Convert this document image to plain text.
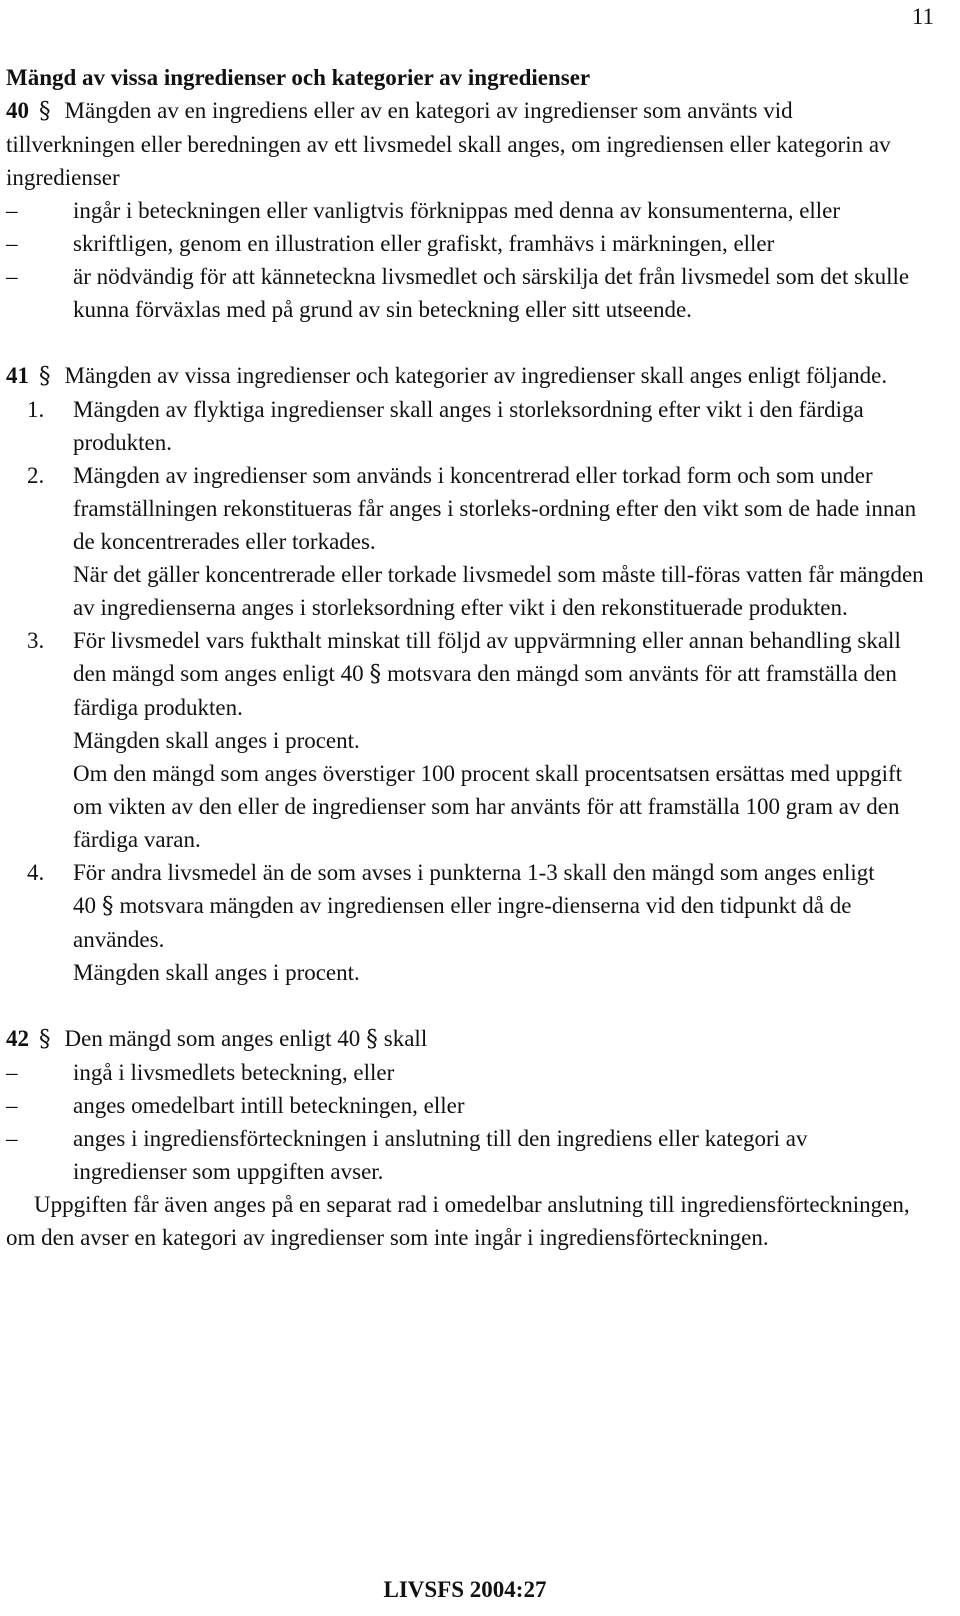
11
Mängd av vissa ingredienser och kategorier av ingredienser

40 § Mängden av en ingrediens eller av en kategori av ingredienser som använts vid tillverkningen eller beredningen av ett livsmedel skall anges, om ingrediensen eller kategorin av ingredienser

–	ingår i beteckningen eller vanligtvis förknippas med denna av konsumenterna, eller

–	skriftligen, genom en illustration eller grafiskt, framhävs i märkningen, eller

–	är nödvändig för att känneteckna livsmedlet och särskilja det från livsmedel som det skulle kunna förväxlas med på grund av sin beteckning eller sitt utseende.

41 § Mängden av vissa ingredienser och kategorier av ingredienser skall anges enligt följande.

1. Mängden av flyktiga ingredienser skall anges i storleksordning efter vikt i den färdiga produkten.

2. Mängden av ingredienser som används i koncentrerad eller torkad form och som under framställningen rekonstitueras får anges i storleks-ordning efter den vikt som de hade innan de koncentrerades eller torkades.

När det gäller koncentrerade eller torkade livsmedel som måste till-föras vatten får mängden av ingredienserna anges i storleksordning efter vikt i den rekonstituerade produkten.

3. För livsmedel vars fukthalt minskat till följd av uppvärmning eller annan behandling skall den mängd som anges enligt 40 § motsvara den mängd som använts för att framställa den färdiga produkten.

Mängden skall anges i procent.

Om den mängd som anges överstiger 100 procent skall procentsatsen ersättas med uppgift om vikten av den eller de ingredienser som har använts för att framställa 100 gram av den färdiga varan.

4. För andra livsmedel än de som avses i punkterna 1-3 skall den mängd som anges enligt 40 § motsvara mängden av ingrediensen eller ingre-dienserna vid den tidpunkt då de användes.

Mängden skall anges i procent.

42 § Den mängd som anges enligt 40 § skall

–	ingå i livsmedlets beteckning, eller

–	anges omedelbart intill beteckningen, eller

–	anges i ingrediensförteckningen i anslutning till den ingrediens eller kategori av ingredienser som uppgiften avser.

Uppgiften får även anges på en separat rad i omedelbar anslutning till ingrediensförteckningen, om den avser en kategori av ingredienser som inte ingår i ingrediensförteckningen.

LIVSFS 2004:27
